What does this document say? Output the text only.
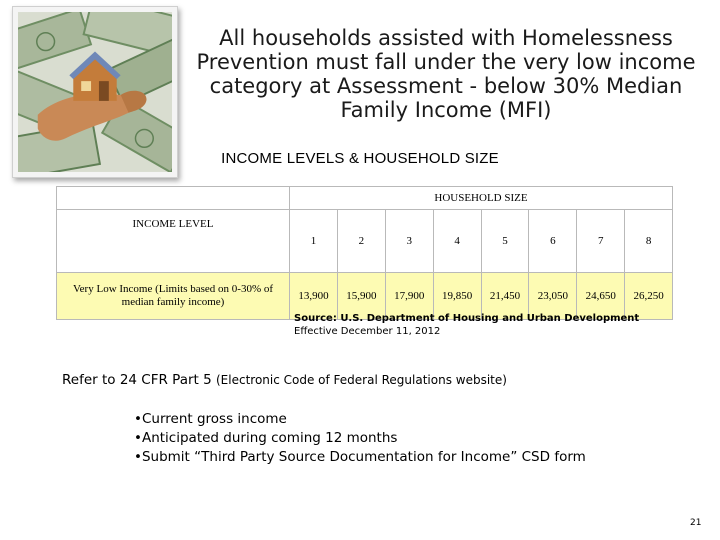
All households assisted with Homelessness Prevention must fall under the very low income category at Assessment - below 30% Median Family Income (MFI)
INCOME LEVELS & HOUSEHOLD SIZE
	HOUSEHOLD SIZE							
INCOME LEVEL	1	2	3	4	5	6	7	8
Very Low Income (Limits based on 0-30% of median family income)	13,900	15,900	17,900	19,850	21,450	23,050	24,650	26,250
Source: U.S. Department of Housing and Urban Development
Effective December 11, 2012
Refer to 24 CFR Part 5 (Electronic Code of Federal Regulations website)
•Current gross income
•Anticipated during coming 12 months
•Submit “Third Party Source Documentation for Income” CSD form
21
